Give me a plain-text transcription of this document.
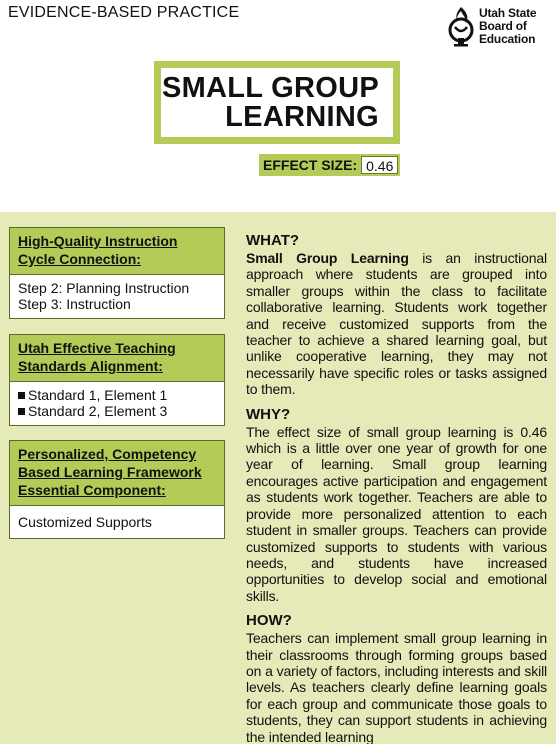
EVIDENCE-BASED PRACTICE	Utah State
Board of
Education
SMALL GROUP
LEARNING
EFFECT SIZE: 0.46
High-Quality Instruction
Cycle Connection:
Step 2: Planning Instruction
Step 3: Instruction
Utah Effective Teaching
Standards Alignment:
Standard 1, Element 1
Standard 2, Element 3
Personalized, Competency
Based Learning Framework
Essential Component:
Customized Supports
WHAT?

Small Group Learning is an instructional approach where students are grouped into smaller groups within the class to facilitate collaborative learning. Students work together and receive customized supports from the teacher to achieve a shared learning goal, but unlike cooperative learning, they may not necessarily have specific roles or tasks assigned to them.

WHY?

The effect size of small group learning is 0.46 which is a little over one year of growth for one year of learning. Small group learning encourages active participation and engagement as students work together. Teachers are able to provide more personalized attention to each student in smaller groups. Teachers can provide customized supports to students with various needs, and students have increased opportunities to develop social and emotional skills.

HOW?

Teachers can implement small group learning in their classrooms through forming groups based on a variety of factors, including interests and skill levels. As teachers clearly define learning goals for each group and communicate those goals to students, they can support students in achieving the intended learning
